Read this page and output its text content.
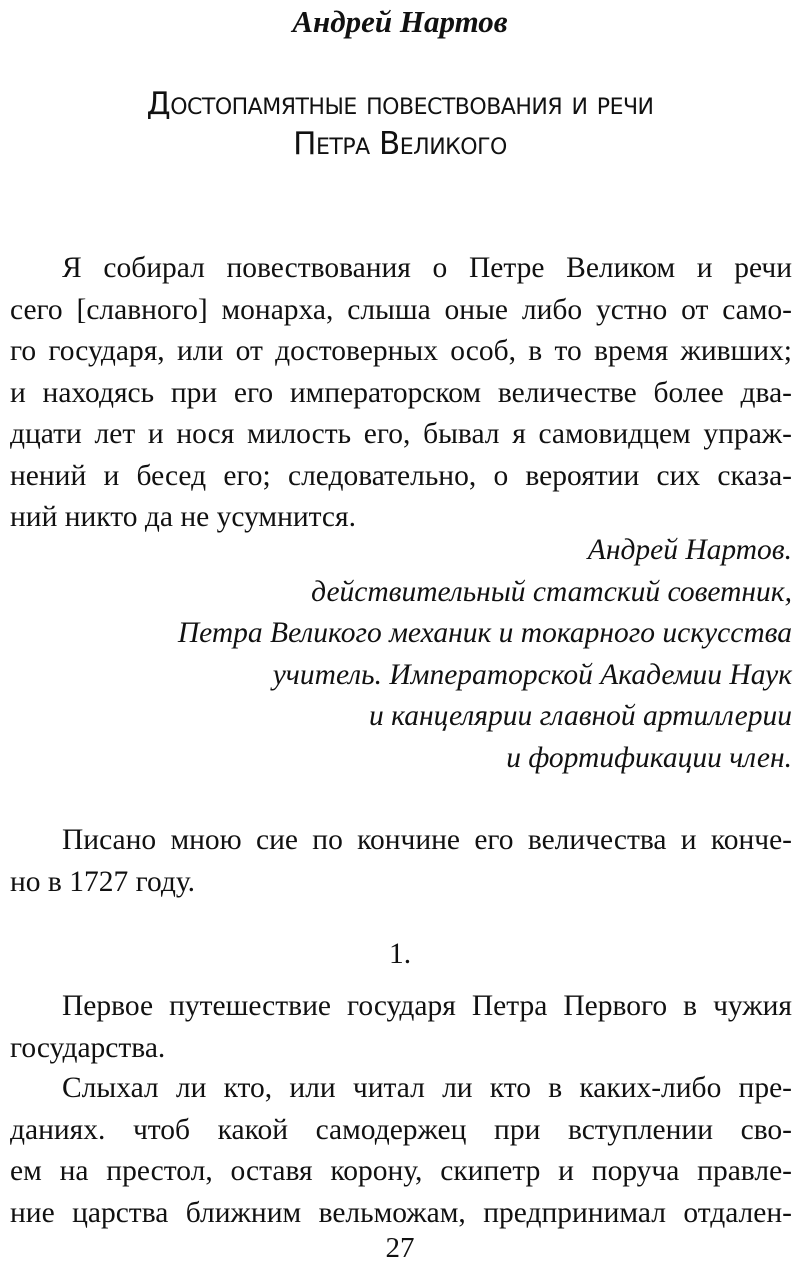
Андрей Нартов
Достопамятные повествования и речи
Петра Великого
Я собирал повествования о Петре Великом и речи
сего [славного] монарха, слыша оные либо устно от само-
го государя, или от достоверных особ, в то время живших;
и находясь при его императорском величестве более два-
дцати лет и нося милость его, бывал я самовидцем упраж-
нений и бесед его; следовательно, о вероятии сих сказа-
ний никто да не усумнится.
Андрей Нартов.
действительный статский советник,
Петра Великого механик и токарного искусства
учитель. Императорской Академии Наук
и канцелярии главной артиллерии
и фортификации член.
Писано мною сие по кончине его величества и конче-
но в 1727 году.
1.
Первое путешествие государя Петра Первого в чужия
государства.
Слыхал ли кто, или читал ли кто в каких-либо пре-
даниях. чтоб какой самодержец при вступлении сво-
ем на престол, оставя корону, скипетр и поруча правле-
ние царства ближним вельможам, предпринимал отдален-
27
